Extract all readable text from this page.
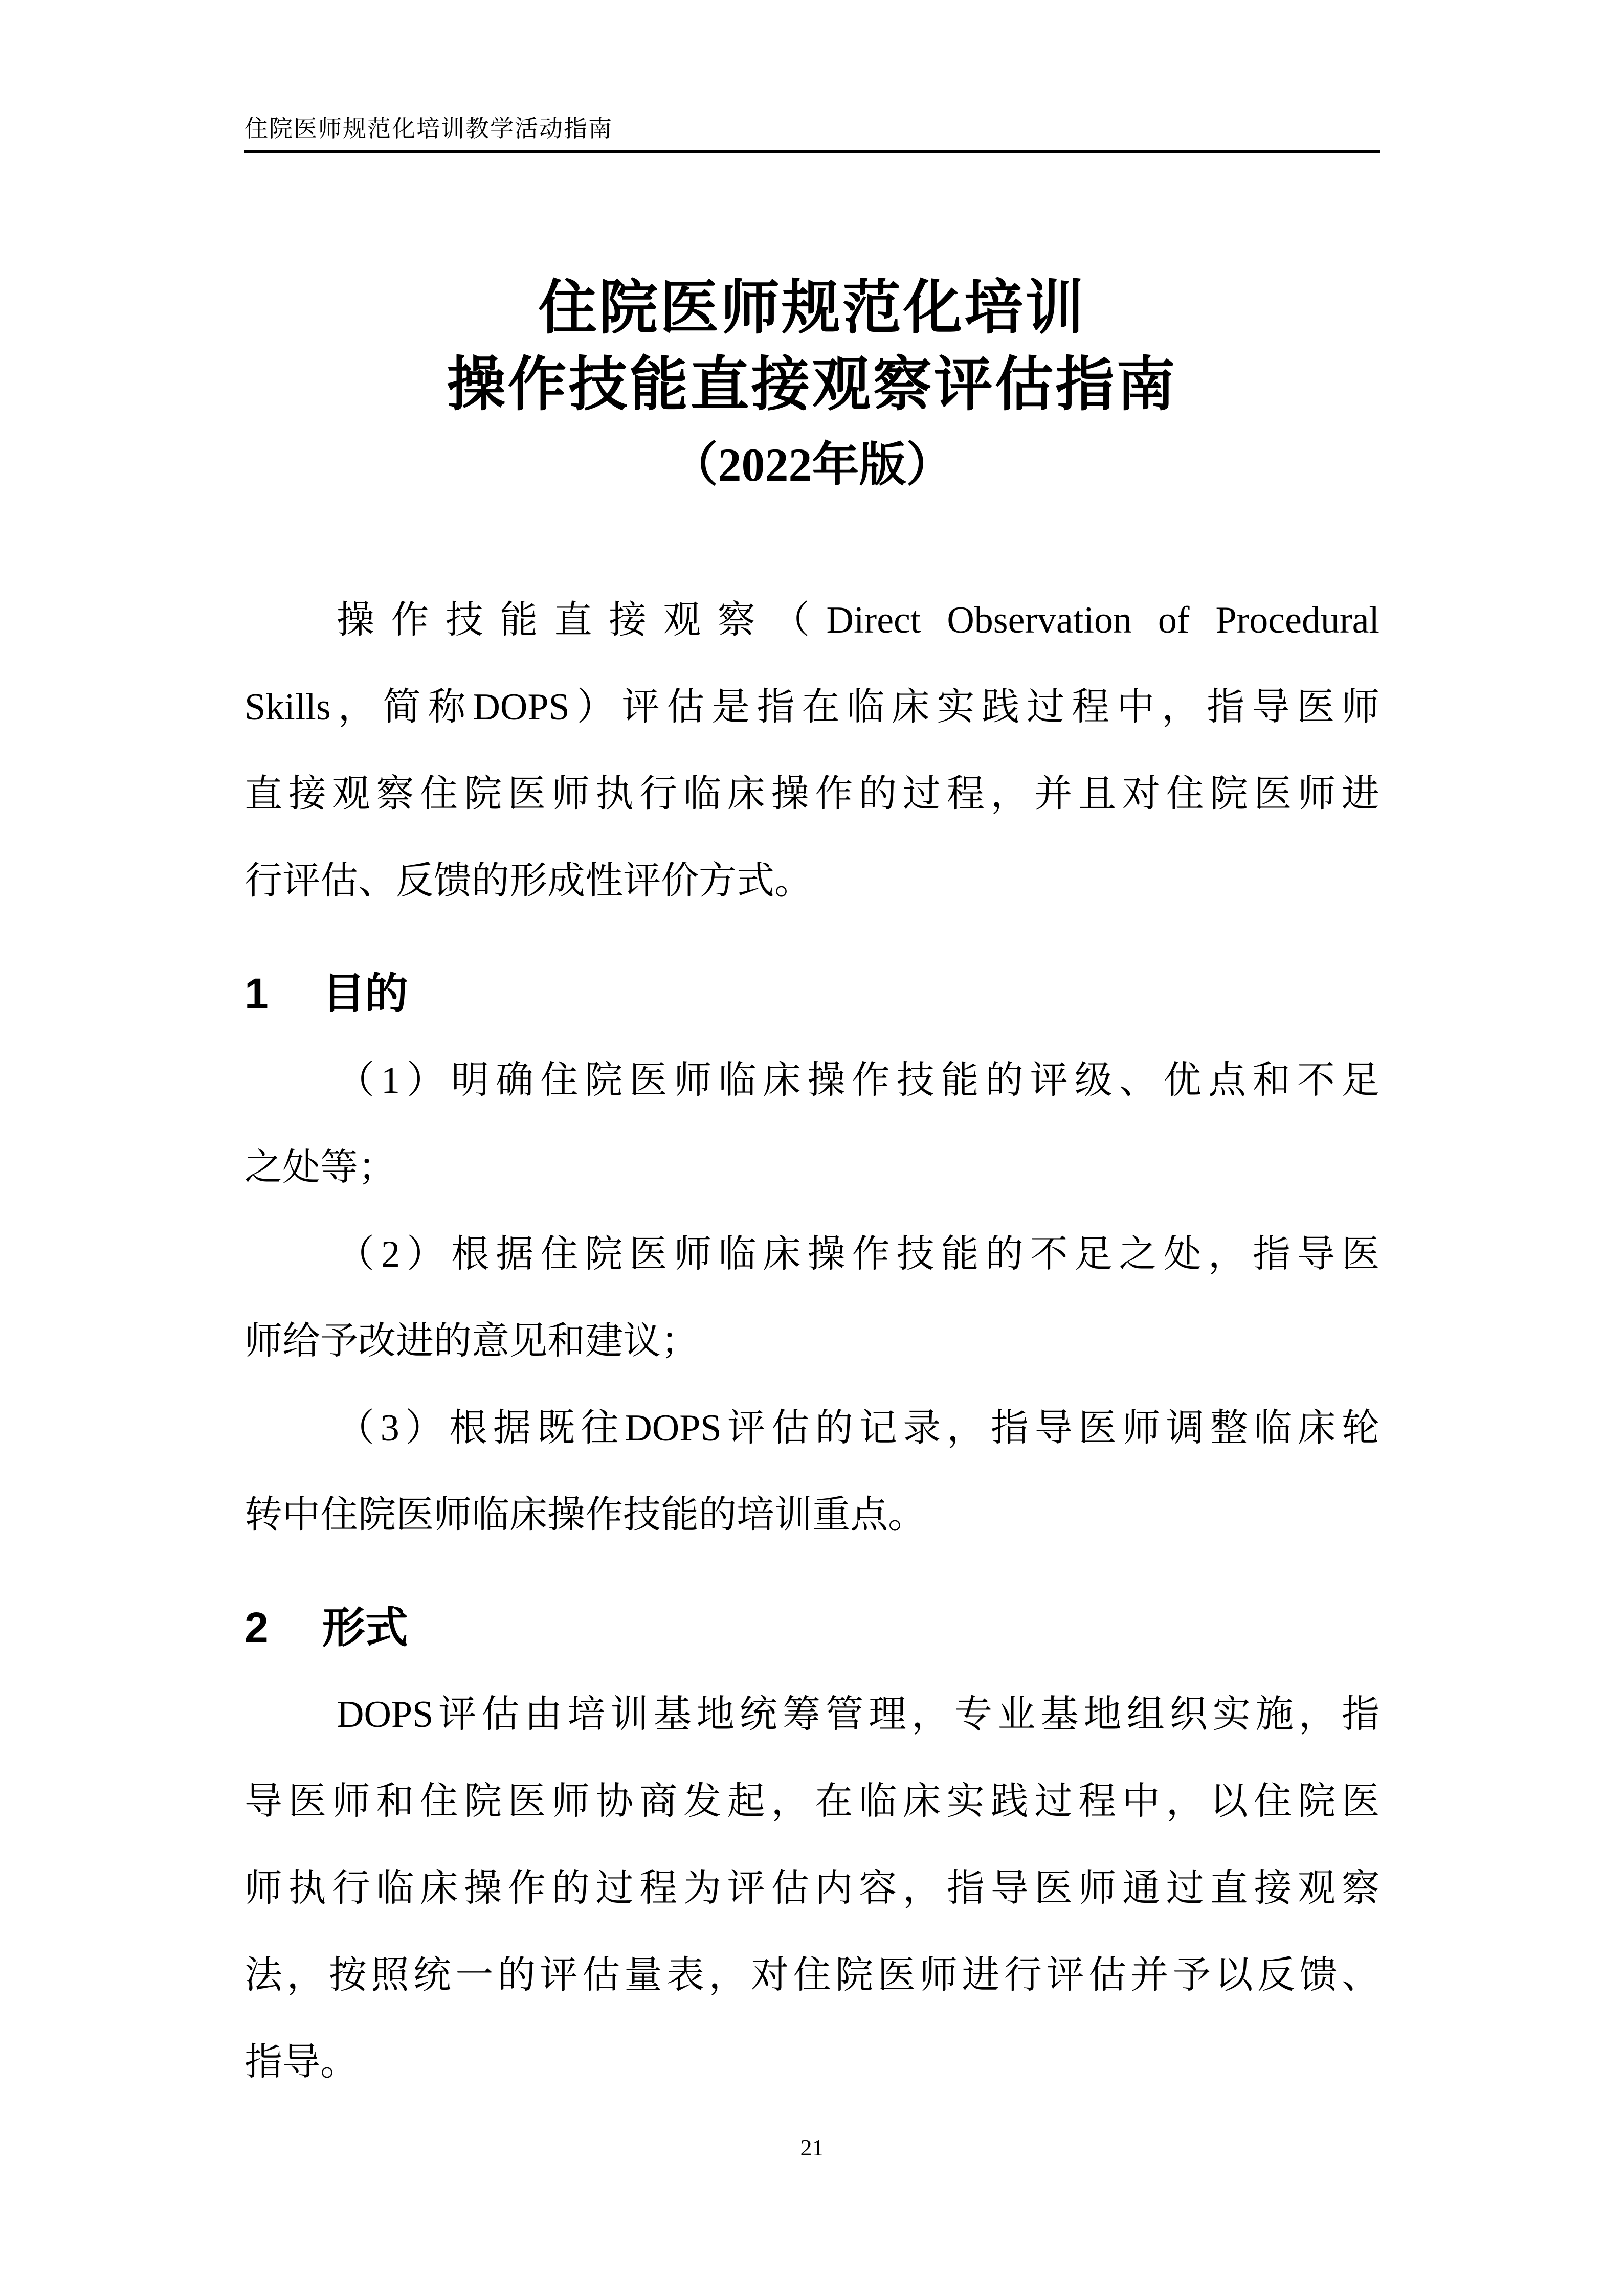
住院医师规范化培训教学活动指南
住院医师规范化培训
操作技能直接观察评估指南
（2022年版）
操作技能直接观察（Direct Observation of Procedural
Skills，简称DOPS）评估是指在临床实践过程中，指导医师
直接观察住院医师执行临床操作的过程，并且对住院医师进
行评估、反馈的形成性评价方式。
1 目的
（1）明确住院医师临床操作技能的评级、优点和不足
之处等；
（2）根据住院医师临床操作技能的不足之处，指导医
师给予改进的意见和建议；
（3）根据既往DOPS评估的记录，指导医师调整临床轮
转中住院医师临床操作技能的培训重点。
2 形式
DOPS评估由培训基地统筹管理，专业基地组织实施，指
导医师和住院医师协商发起，在临床实践过程中，以住院医
师执行临床操作的过程为评估内容，指导医师通过直接观察
法，按照统一的评估量表，对住院医师进行评估并予以反馈、
指导。
21
